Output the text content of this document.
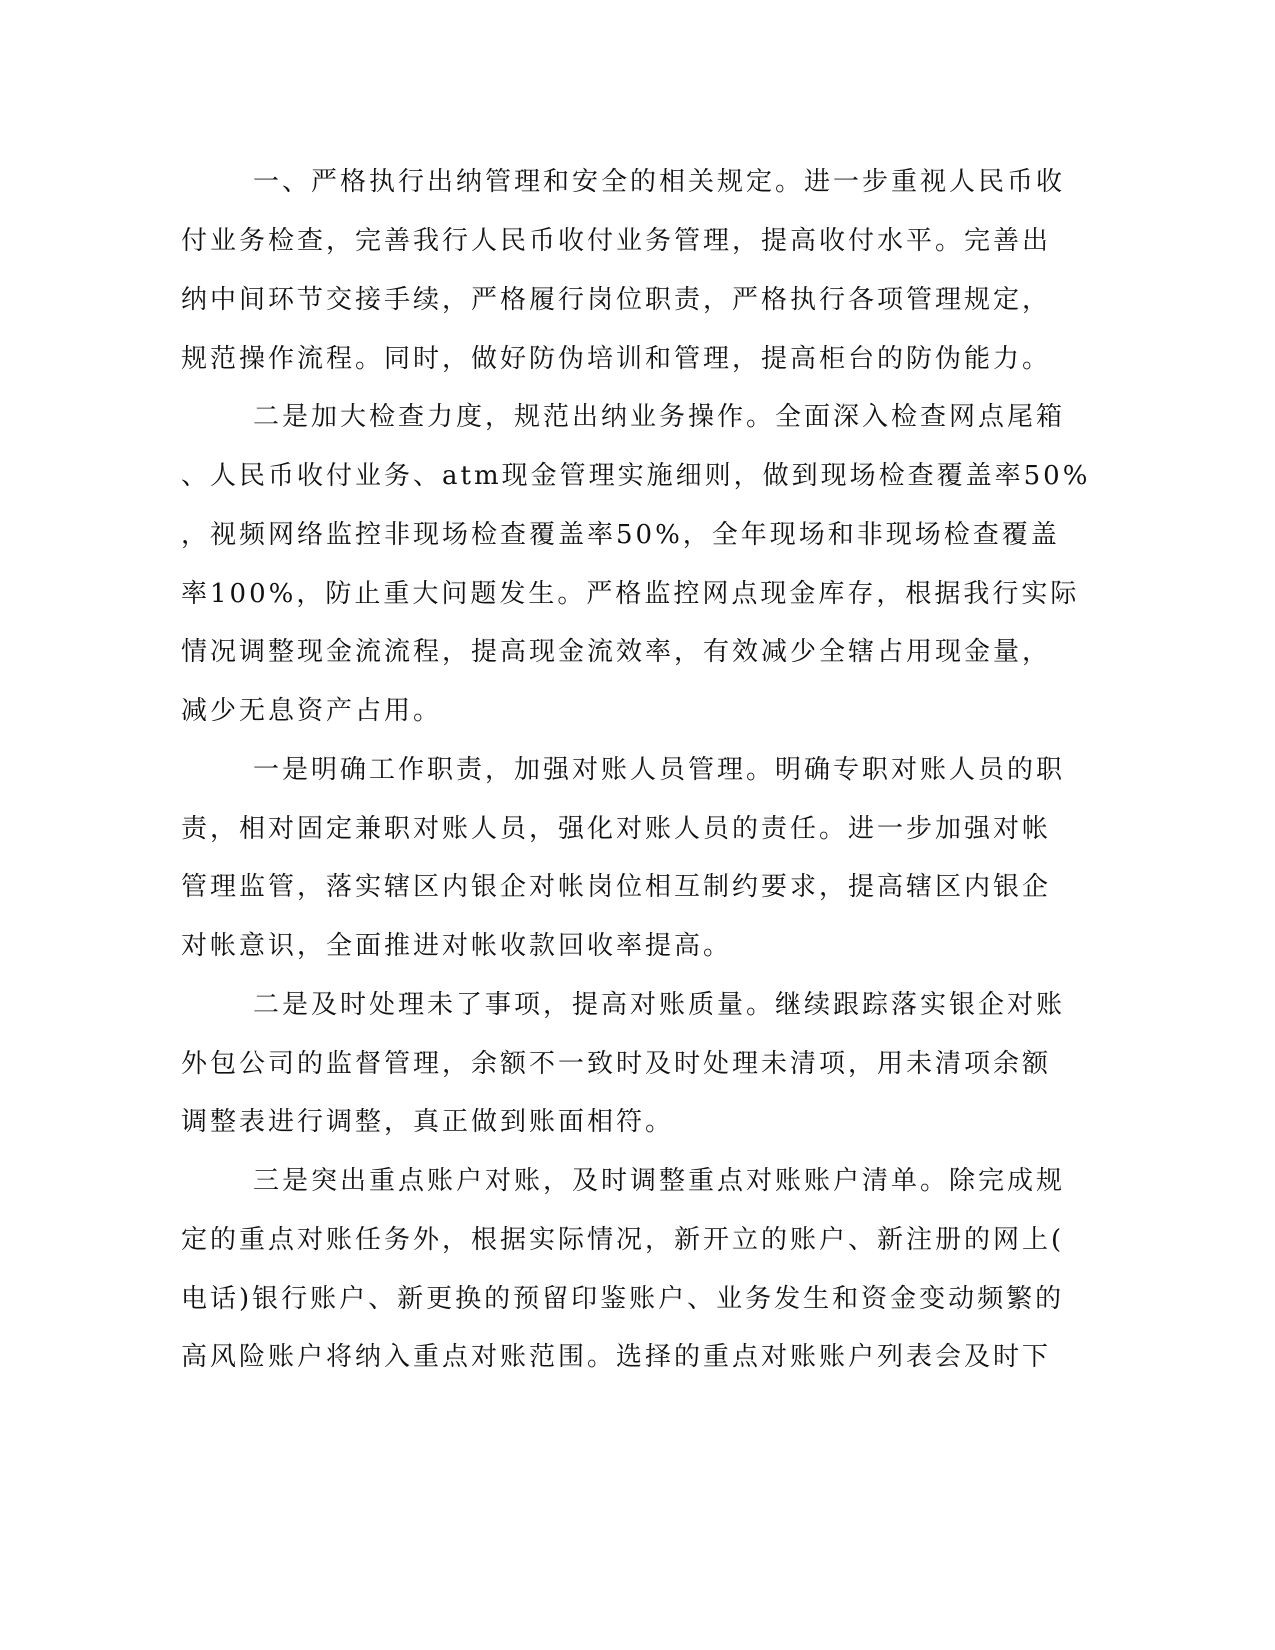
一、严格执行出纳管理和安全的相关规定。进一步重视人民币收
付业务检查，完善我行人民币收付业务管理，提高收付水平。完善出
纳中间环节交接手续，严格履行岗位职责，严格执行各项管理规定，
规范操作流程。同时，做好防伪培训和管理，提高柜台的防伪能力。
二是加大检查力度，规范出纳业务操作。全面深入检查网点尾箱
、人民币收付业务、atm现金管理实施细则，做到现场检查覆盖率50%
，视频网络监控非现场检查覆盖率50%，全年现场和非现场检查覆盖
率100%，防止重大问题发生。严格监控网点现金库存，根据我行实际
情况调整现金流流程，提高现金流效率，有效减少全辖占用现金量，
减少无息资产占用。
一是明确工作职责，加强对账人员管理。明确专职对账人员的职
责，相对固定兼职对账人员，强化对账人员的责任。进一步加强对帐
管理监管，落实辖区内银企对帐岗位相互制约要求，提高辖区内银企
对帐意识，全面推进对帐收款回收率提高。
二是及时处理未了事项，提高对账质量。继续跟踪落实银企对账
外包公司的监督管理，余额不一致时及时处理未清项，用未清项余额
调整表进行调整，真正做到账面相符。
三是突出重点账户对账，及时调整重点对账账户清单。除完成规
定的重点对账任务外，根据实际情况，新开立的账户、新注册的网上(
电话)银行账户、新更换的预留印鉴账户、业务发生和资金变动频繁的
高风险账户将纳入重点对账范围。选择的重点对账账户列表会及时下
